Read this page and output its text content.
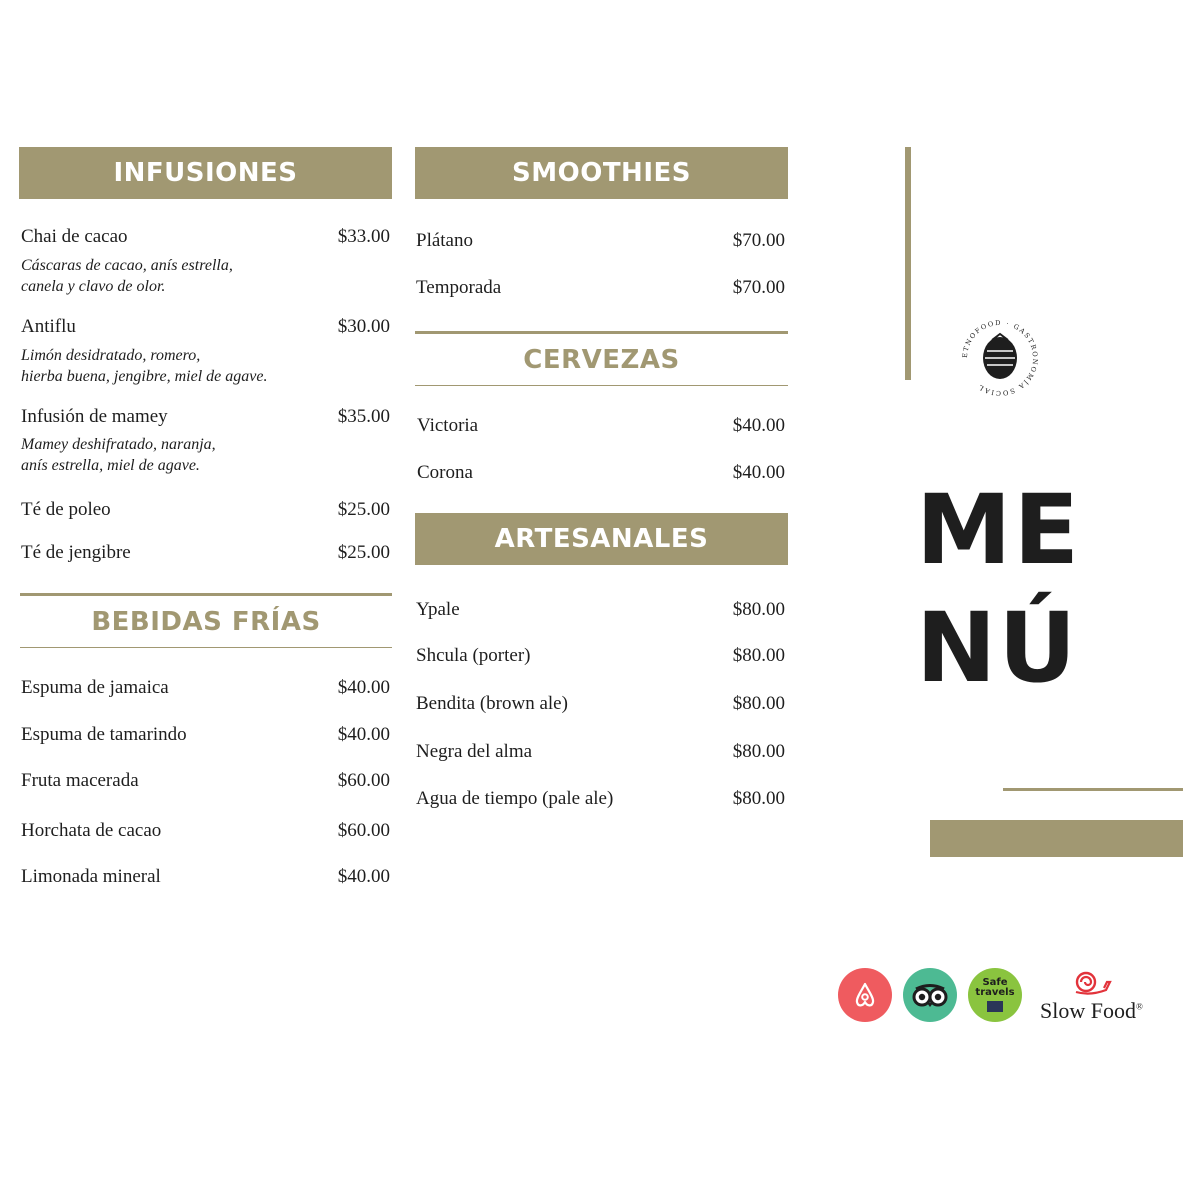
INFUSIONES
Chai de cacao	$33.00
Cáscaras de cacao, anís estrella,
canela y clavo de olor.
Antiflu	$30.00
Limón desidratado, romero,
hierba buena, jengibre, miel de agave.
Infusión de mamey	$35.00
Mamey deshifratado, naranja,
anís estrella, miel de agave.
Té de poleo	$25.00
Té de jengibre	$25.00
BEBIDAS FRÍAS
Espuma de jamaica	$40.00
Espuma de tamarindo	$40.00
Fruta macerada	$60.00
Horchata de cacao	$60.00
Limonada mineral	$40.00
SMOOTHIES
Plátano	$70.00
Temporada	$70.00
CERVEZAS
Victoria	$40.00
Corona	$40.00
ARTESANALES
Ypale	$80.00
Shcula (porter)	$80.00
Bendita (brown ale)	$80.00
Negra del alma	$80.00
Agua de tiempo (pale ale)	$80.00
ETNOFOOD · GASTRONOMÍA SOCIAL
ME
NÚ
Safe travels
Slow Food®
